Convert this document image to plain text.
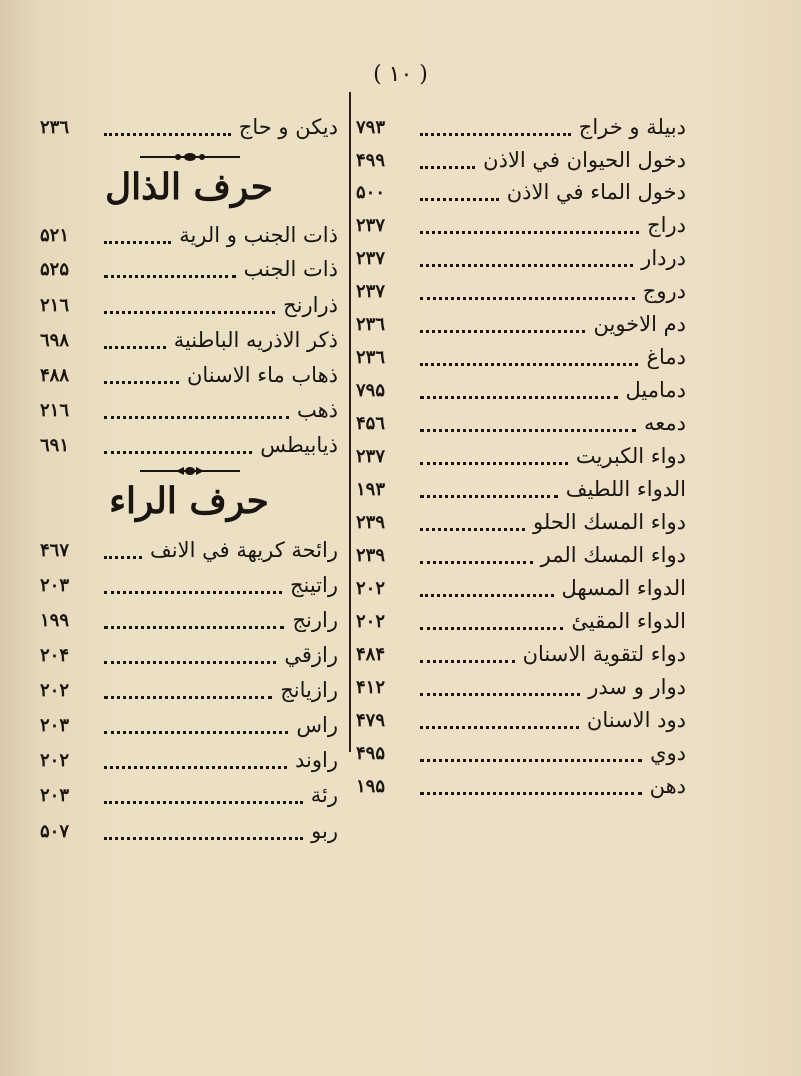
( ١٠ )
۲۳٦	دیکن و حاج
حرف الذال
۵۲۱	ذات الجنب و الریة
۵۲۵	ذات الجنب
۲۱٦	ذرارنح
٦۹۸	ذکر الاذریه الباطنیة
۴۸۸	ذهاب ماء الاسنان
۲۱٦	ذهب
٦۹۱	ذیابیطس
حرف الراء
۴٦۷	رائحة كریهة في الانف
۲۰۳	راتینج
۱۹۹	رارنج
۲۰۴	رازقي
۲۰۲	رازیانج
۲۰۳	راس
۲۰۲	راوند
۲۰۳	رئة
۵۰۷	ربو
۷۹۳	دبیلة و خراج
۴۹۹	دخول الحیوان في الاذن
۵۰۰	دخول الماء في الاذن
۲۳۷	دراج
۲۳۷	دردار
۲۳۷	دروج
۲۳٦	دم الاخوین
۲۳٦	دماغ
۷۹۵	دمامیل
۴۵٦	دمعه
۲۳۷	دواء الكبریت
۱۹۳	الدواء اللطیف
۲۳۹	دواء المسك الحلو
۲۳۹	دواء المسك المر
۲۰۲	الدواء المسهل
۲۰۲	الدواء المقیئ
۴۸۴	دواء لتقویة الاسنان
۴۱۲	دوار و سدر
۴۷۹	دود الاسنان
۴۹۵	دوي
۱۹۵	دهن
